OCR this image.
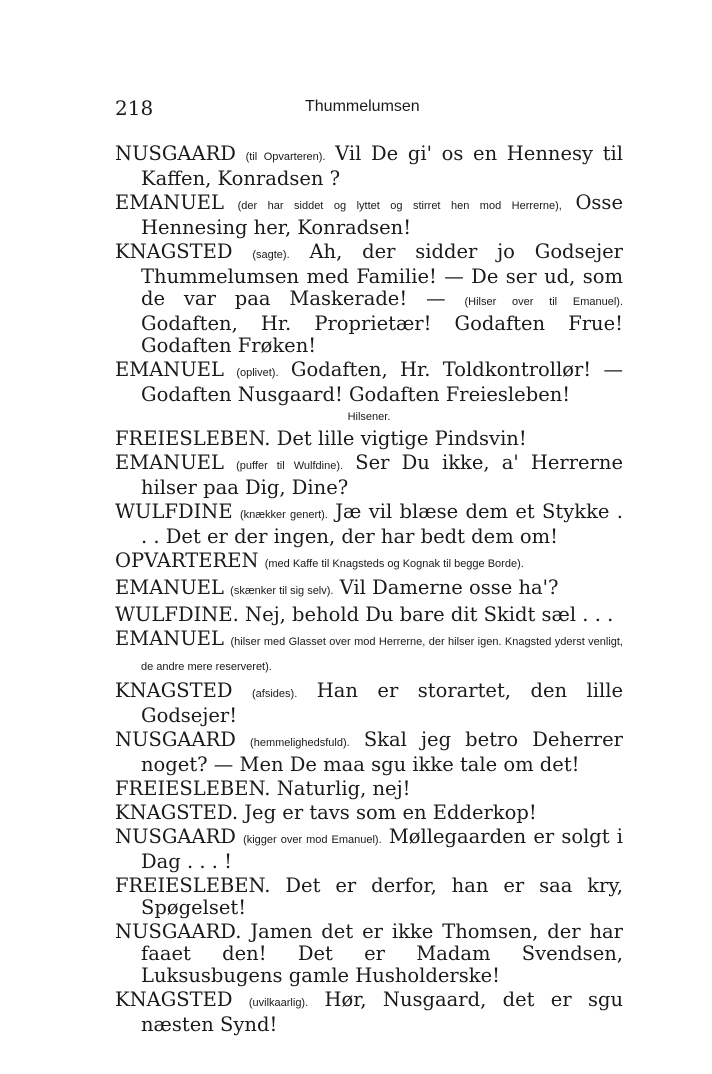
218	Thummelumsen

NUSGAARD (til Opvarteren). Vil De gi' os en Hennesy til Kaffen, Konradsen ?

EMANUEL (der har siddet og lyttet og stirret hen mod Herrerne), Osse Hennesing her, Konradsen!

KNAGSTED (sagte). Ah, der sidder jo Godsejer Thummelumsen med Familie! — De ser ud, som de var paa Maskerade! — (Hilser over til Emanuel). Godaften, Hr. Proprietær! Godaften Frue! Godaften Frøken!

EMANUEL (oplivet). Godaften, Hr. Toldkontrollør! — Godaften Nusgaard! Godaften Freiesleben!

Hilsener.

FREIESLEBEN. Det lille vigtige Pindsvin!

EMANUEL (puffer til Wulfdine). Ser Du ikke, a' Herrerne hilser paa Dig, Dine?

WULFDINE (knækker genert). Jæ vil blæse dem et Stykke . . . Det er der ingen, der har bedt dem om!

OPVARTEREN (med Kaffe til Knagsteds og Kognak til begge Borde).

EMANUEL (skænker til sig selv). Vil Damerne osse ha'?

WULFDINE. Nej, behold Du bare dit Skidt sæl . . .

EMANUEL (hilser med Glasset over mod Herrerne, der hilser igen. Knagsted yderst venligt, de andre mere reserveret).

KNAGSTED (afsides). Han er storartet, den lille Godsejer!

NUSGAARD (hemmelighedsfuld). Skal jeg betro Deherrer noget? — Men De maa sgu ikke tale om det!

FREIESLEBEN. Naturlig, nej!

KNAGSTED. Jeg er tavs som en Edderkop!

NUSGAARD (kigger over mod Emanuel). Møllegaarden er solgt i Dag . . . !

FREIESLEBEN. Det er derfor, han er saa kry, Spøgelset!

NUSGAARD. Jamen det er ikke Thomsen, der har faaet den! Det er Madam Svendsen, Luksusbugens gamle Husholderske!

KNAGSTED (uvilkaarlig). Hør, Nusgaard, det er sgu næsten Synd!
